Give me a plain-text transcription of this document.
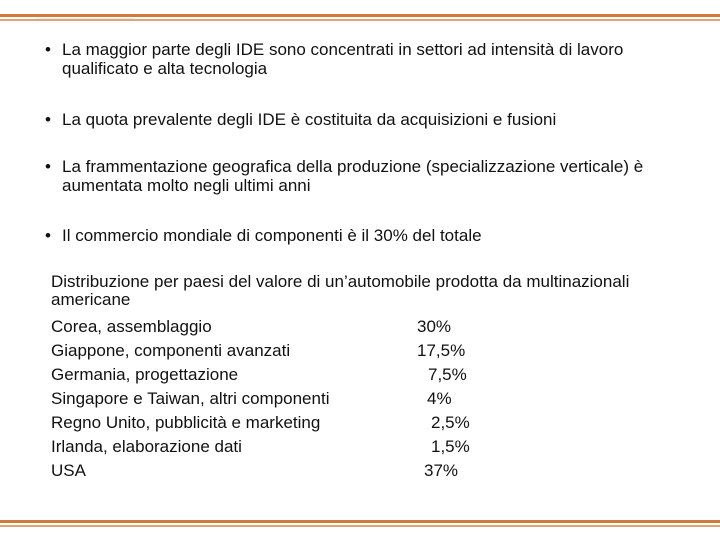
• La maggior parte degli IDE sono concentrati in settori ad intensità di lavoro qualificato e alta tecnologia

• La quota prevalente degli IDE è costituita da acquisizioni e fusioni

• La frammentazione geografica della produzione (specializzazione verticale) è aumentata molto negli ultimi anni

• Il commercio mondiale di componenti è il 30% del totale

Distribuzione per paesi del valore di un’automobile prodotta da multinazionali americane

Corea, assemblaggio	30%
Giappone, componenti avanzati	17,5%
Germania, progettazione	7,5%
Singapore e Taiwan, altri componenti	4%
Regno Unito, pubblicità e marketing	2,5%
Irlanda, elaborazione dati	1,5%
USA	37%
